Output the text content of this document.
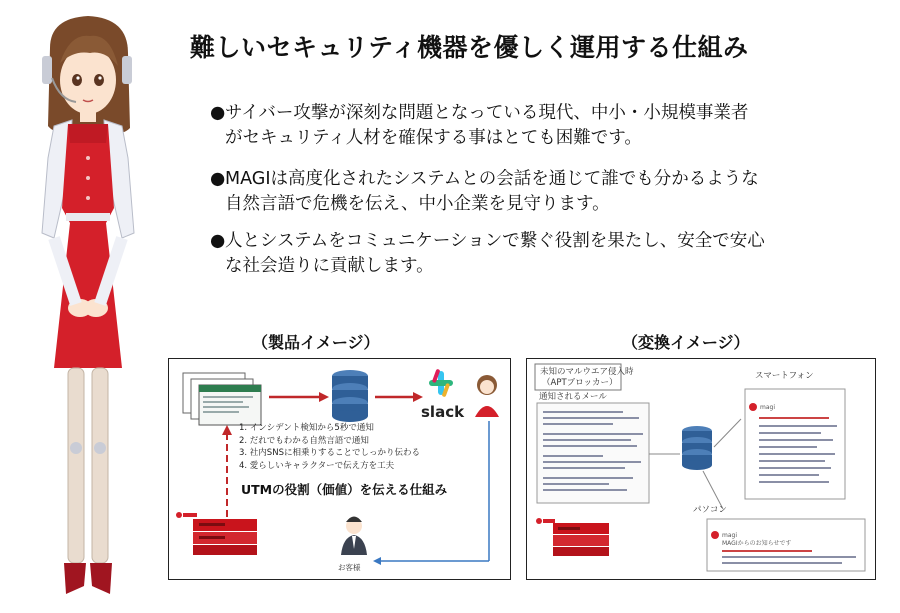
難しいセキュリティ機器を優しく運用する仕組み
●サイバー攻撃が深刻な問題となっている現代、中小・小規模事業者
がセキュリティ人材を確保する事はとても困難です。
●MAGIは高度化されたシステムとの会話を通じて誰でも分かるような
自然言語で危機を伝え、中小企業を見守ります。
●人とシステムをコミュニケーションで繋ぐ役割を果たし、安全で安心
な社会造りに貢献します。
（製品イメージ）	（変換イメージ）
slack
1. インシデント検知から5秒で通知
2. だれでもわかる自然言語で通知
3. 社内SNSに相乗りすることでしっかり伝わる
4. 愛らしいキャラクターで伝え方を工夫
UTMの役割（価値）を伝える仕組み
お客様
未知のマルウエア侵入時
（APTブロッカー）
通知されるメール
スマートフォン
パソコン
magi
magi
MAGIからのお知らせです
